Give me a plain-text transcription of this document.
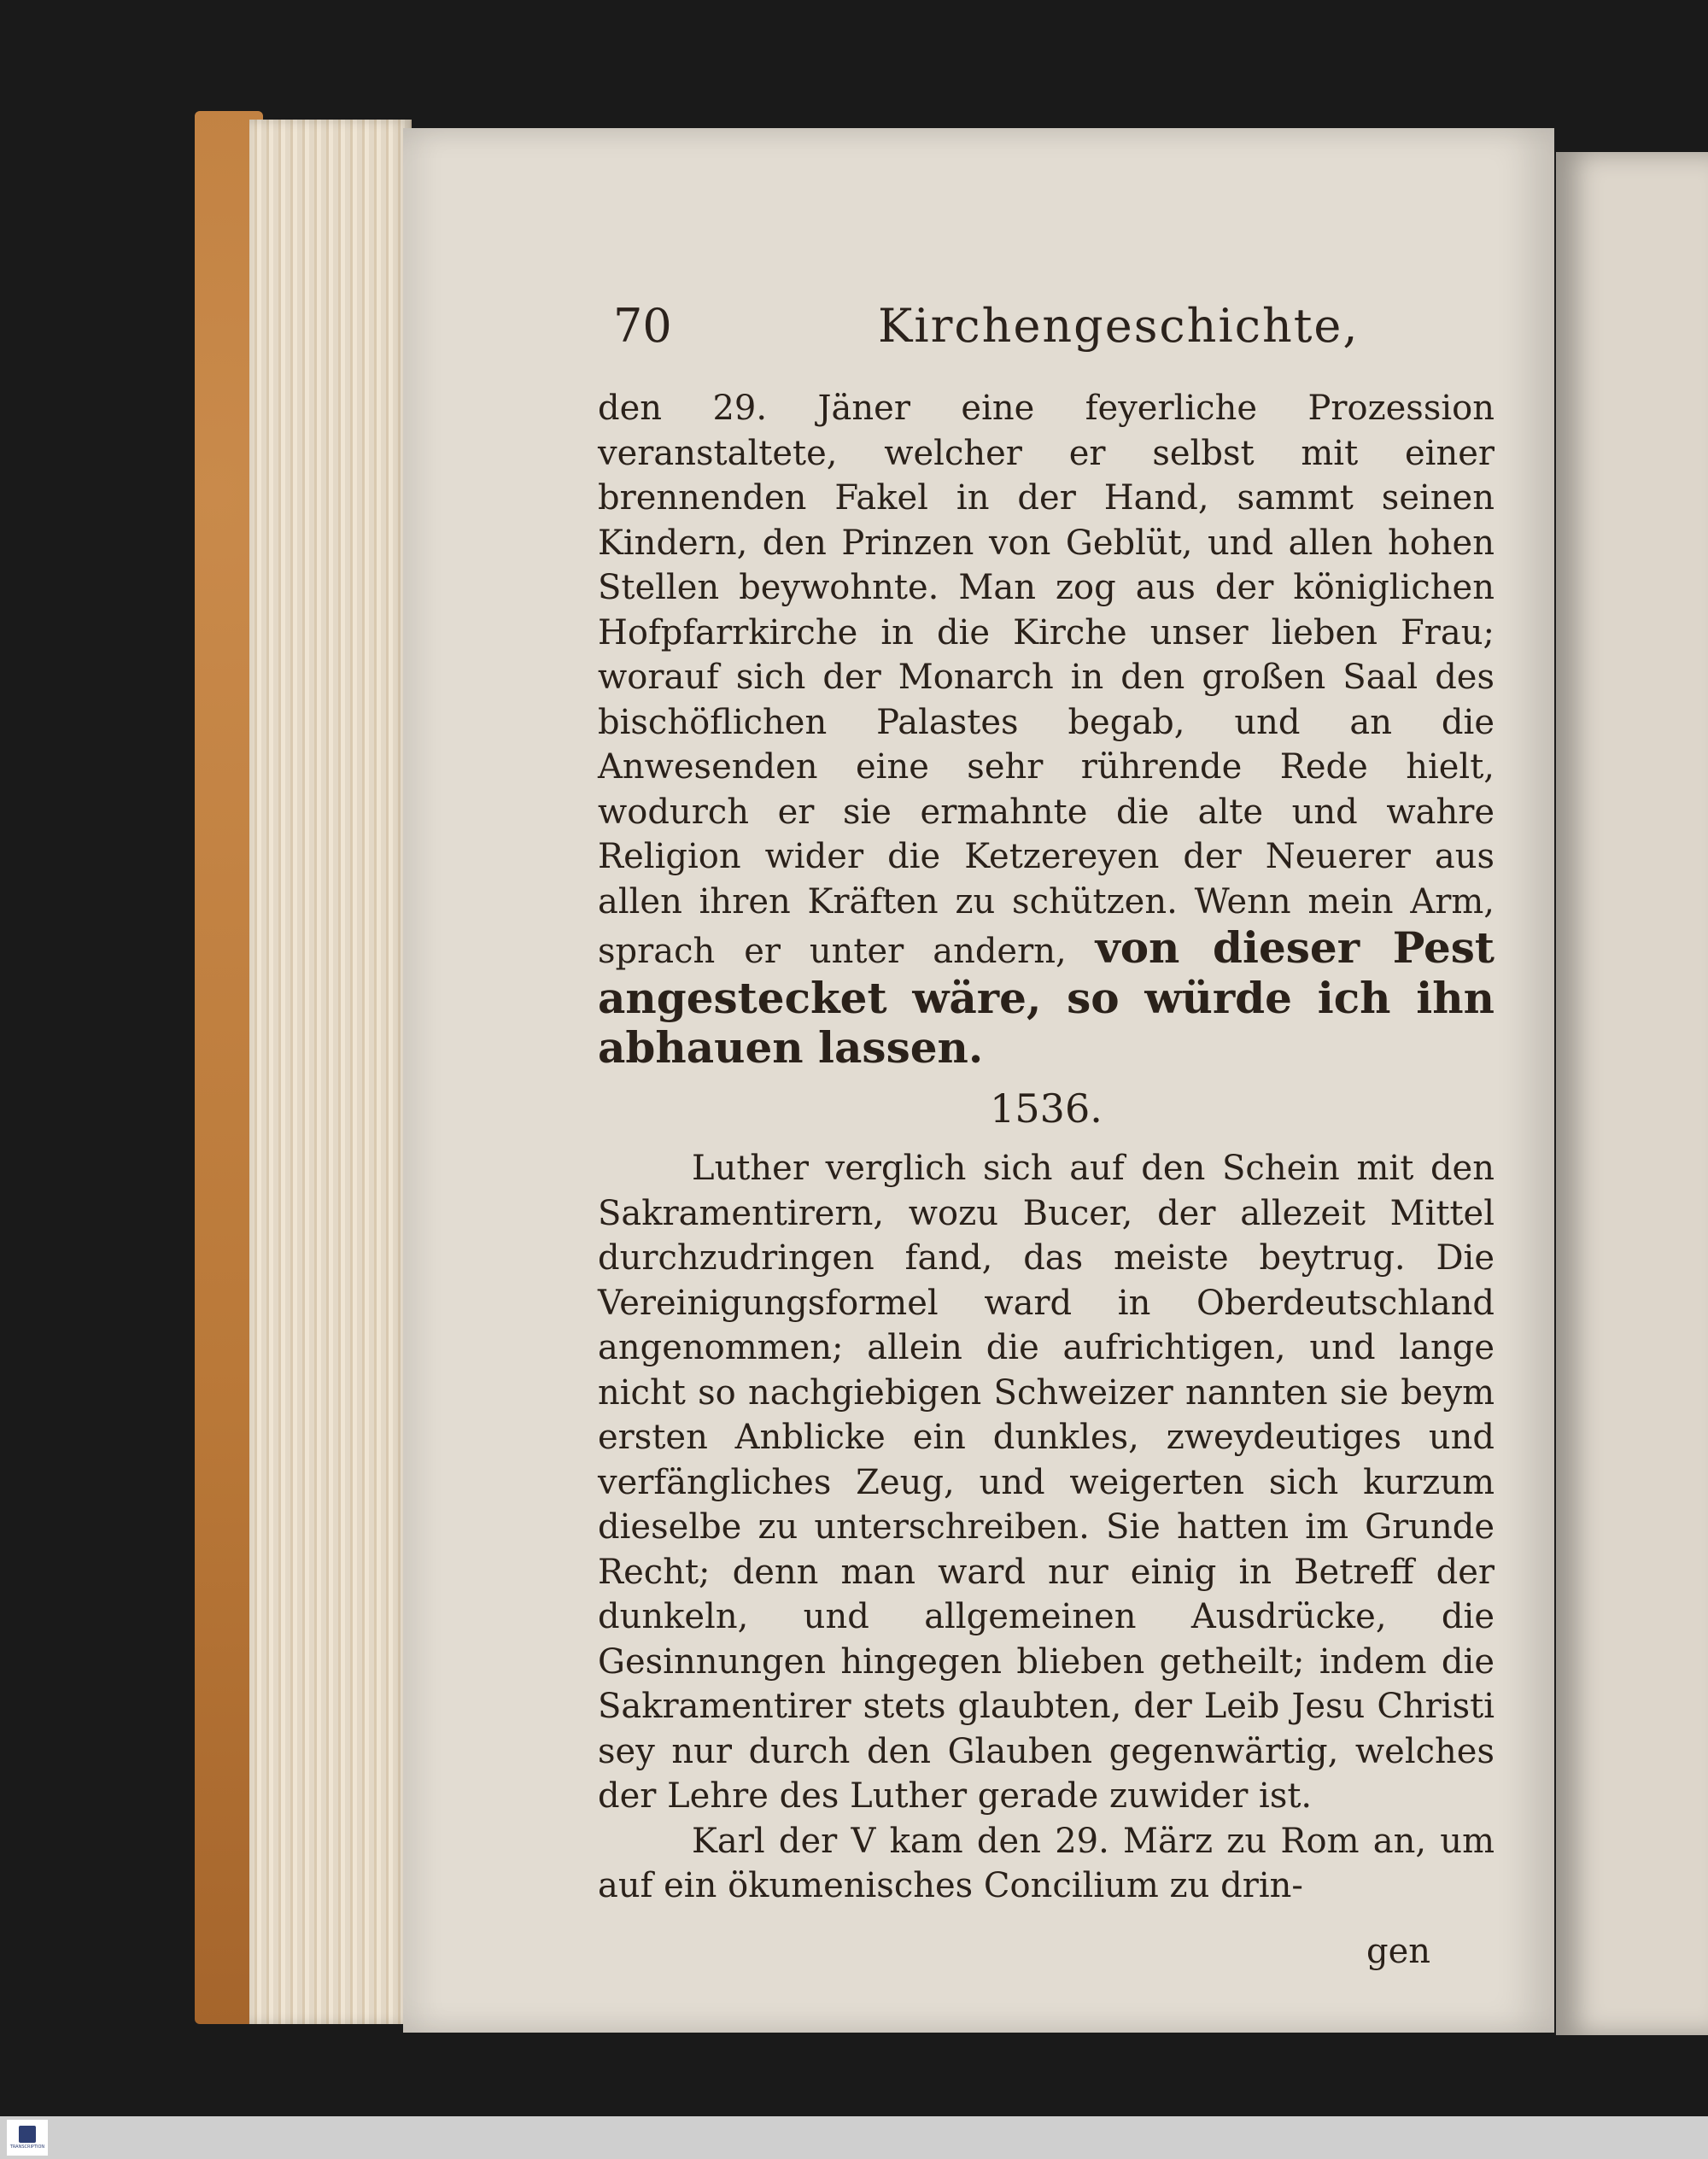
70	Kirchengeschichte,

den 29. Jäner eine feyerliche Prozession veranstaltete, welcher er selbst mit einer brennenden Fakel in der Hand, sammt seinen Kindern, den Prinzen von Geblüt, und allen hohen Stellen beywohnte. Man zog aus der königlichen Hofpfarrkirche in die Kirche unser lieben Frau; worauf sich der Monarch in den großen Saal des bischöflichen Palastes begab, und an die Anwesenden eine sehr rührende Rede hielt, wodurch er sie ermahnte die alte und wahre Religion wider die Ketzereyen der Neuerer aus allen ihren Kräften zu schützen. Wenn mein Arm, sprach er unter andern, von dieser Pest angestecket wäre, so würde ich ihn abhauen lassen.

1536.

Luther verglich sich auf den Schein mit den Sakramentirern, wozu Bucer, der allezeit Mittel durchzudringen fand, das meiste beytrug. Die Vereinigungsformel ward in Oberdeutschland angenommen; allein die aufrichtigen, und lange nicht so nachgiebigen Schweizer nannten sie beym ersten Anblicke ein dunkles, zweydeutiges und verfängliches Zeug, und weigerten sich kurzum dieselbe zu unterschreiben. Sie hatten im Grunde Recht; denn man ward nur einig in Betreff der dunkeln, und allgemeinen Ausdrücke, die Gesinnungen hingegen blieben getheilt; indem die Sakramentirer stets glaubten, der Leib Jesu Christi sey nur durch den Glauben gegenwärtig, welches der Lehre des Luther gerade zuwider ist.

Karl der V kam den 29. März zu Rom an, um auf ein ökumenisches Concilium zu drin-

gen
TRANSCRIPTION
